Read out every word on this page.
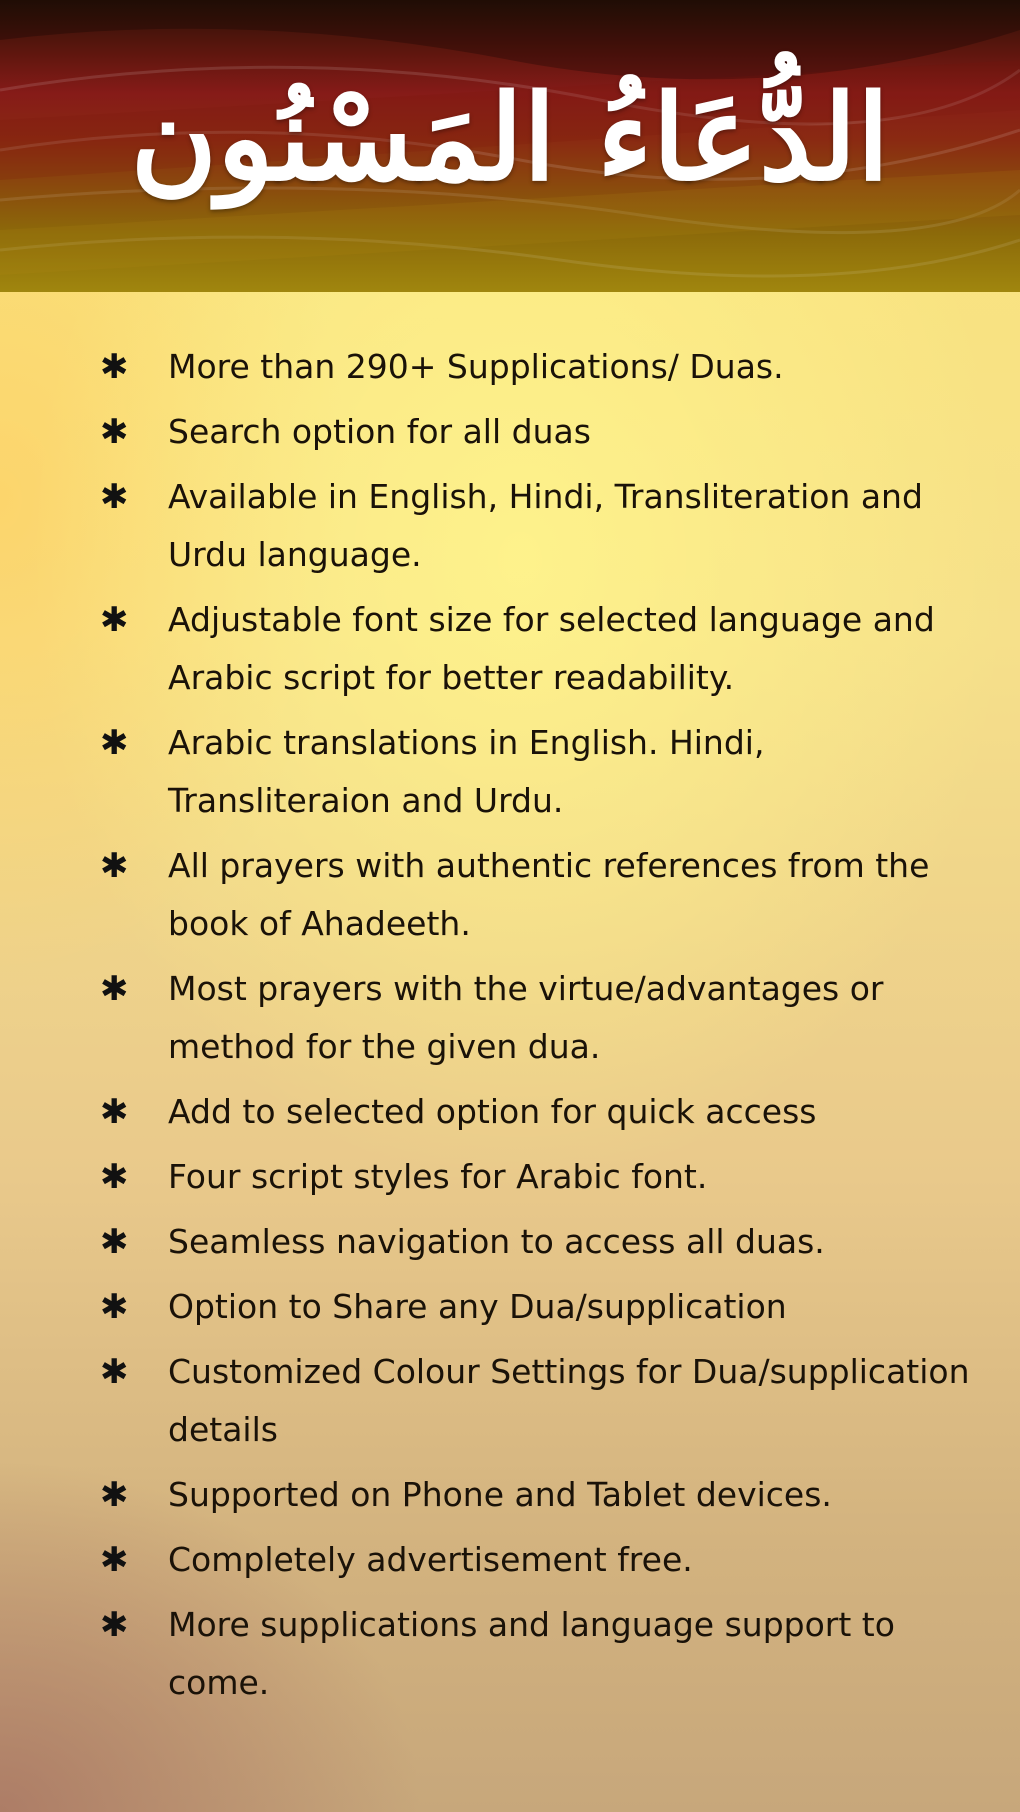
الدُّعَاءُ المَسْنُون
✱ More than 290+ Supplications/ Duas.
✱ Search option for all duas
✱ Available in English, Hindi, Transliteration and Urdu language.
✱ Adjustable font size for selected language and Arabic script for better readability.
✱ Arabic translations in English. Hindi, Transliteraion and Urdu.
✱ All prayers with authentic references from the book of Ahadeeth.
✱ Most prayers with the virtue/advantages or method for the given dua.
✱ Add to selected option for quick access
✱ Four script styles for Arabic font.
✱ Seamless navigation to access all duas.
✱ Option to Share any Dua/supplication
✱ Customized Colour Settings for Dua/supplication details
✱ Supported on Phone and Tablet devices.
✱ Completely advertisement free.
✱ More supplications and language support to come.
